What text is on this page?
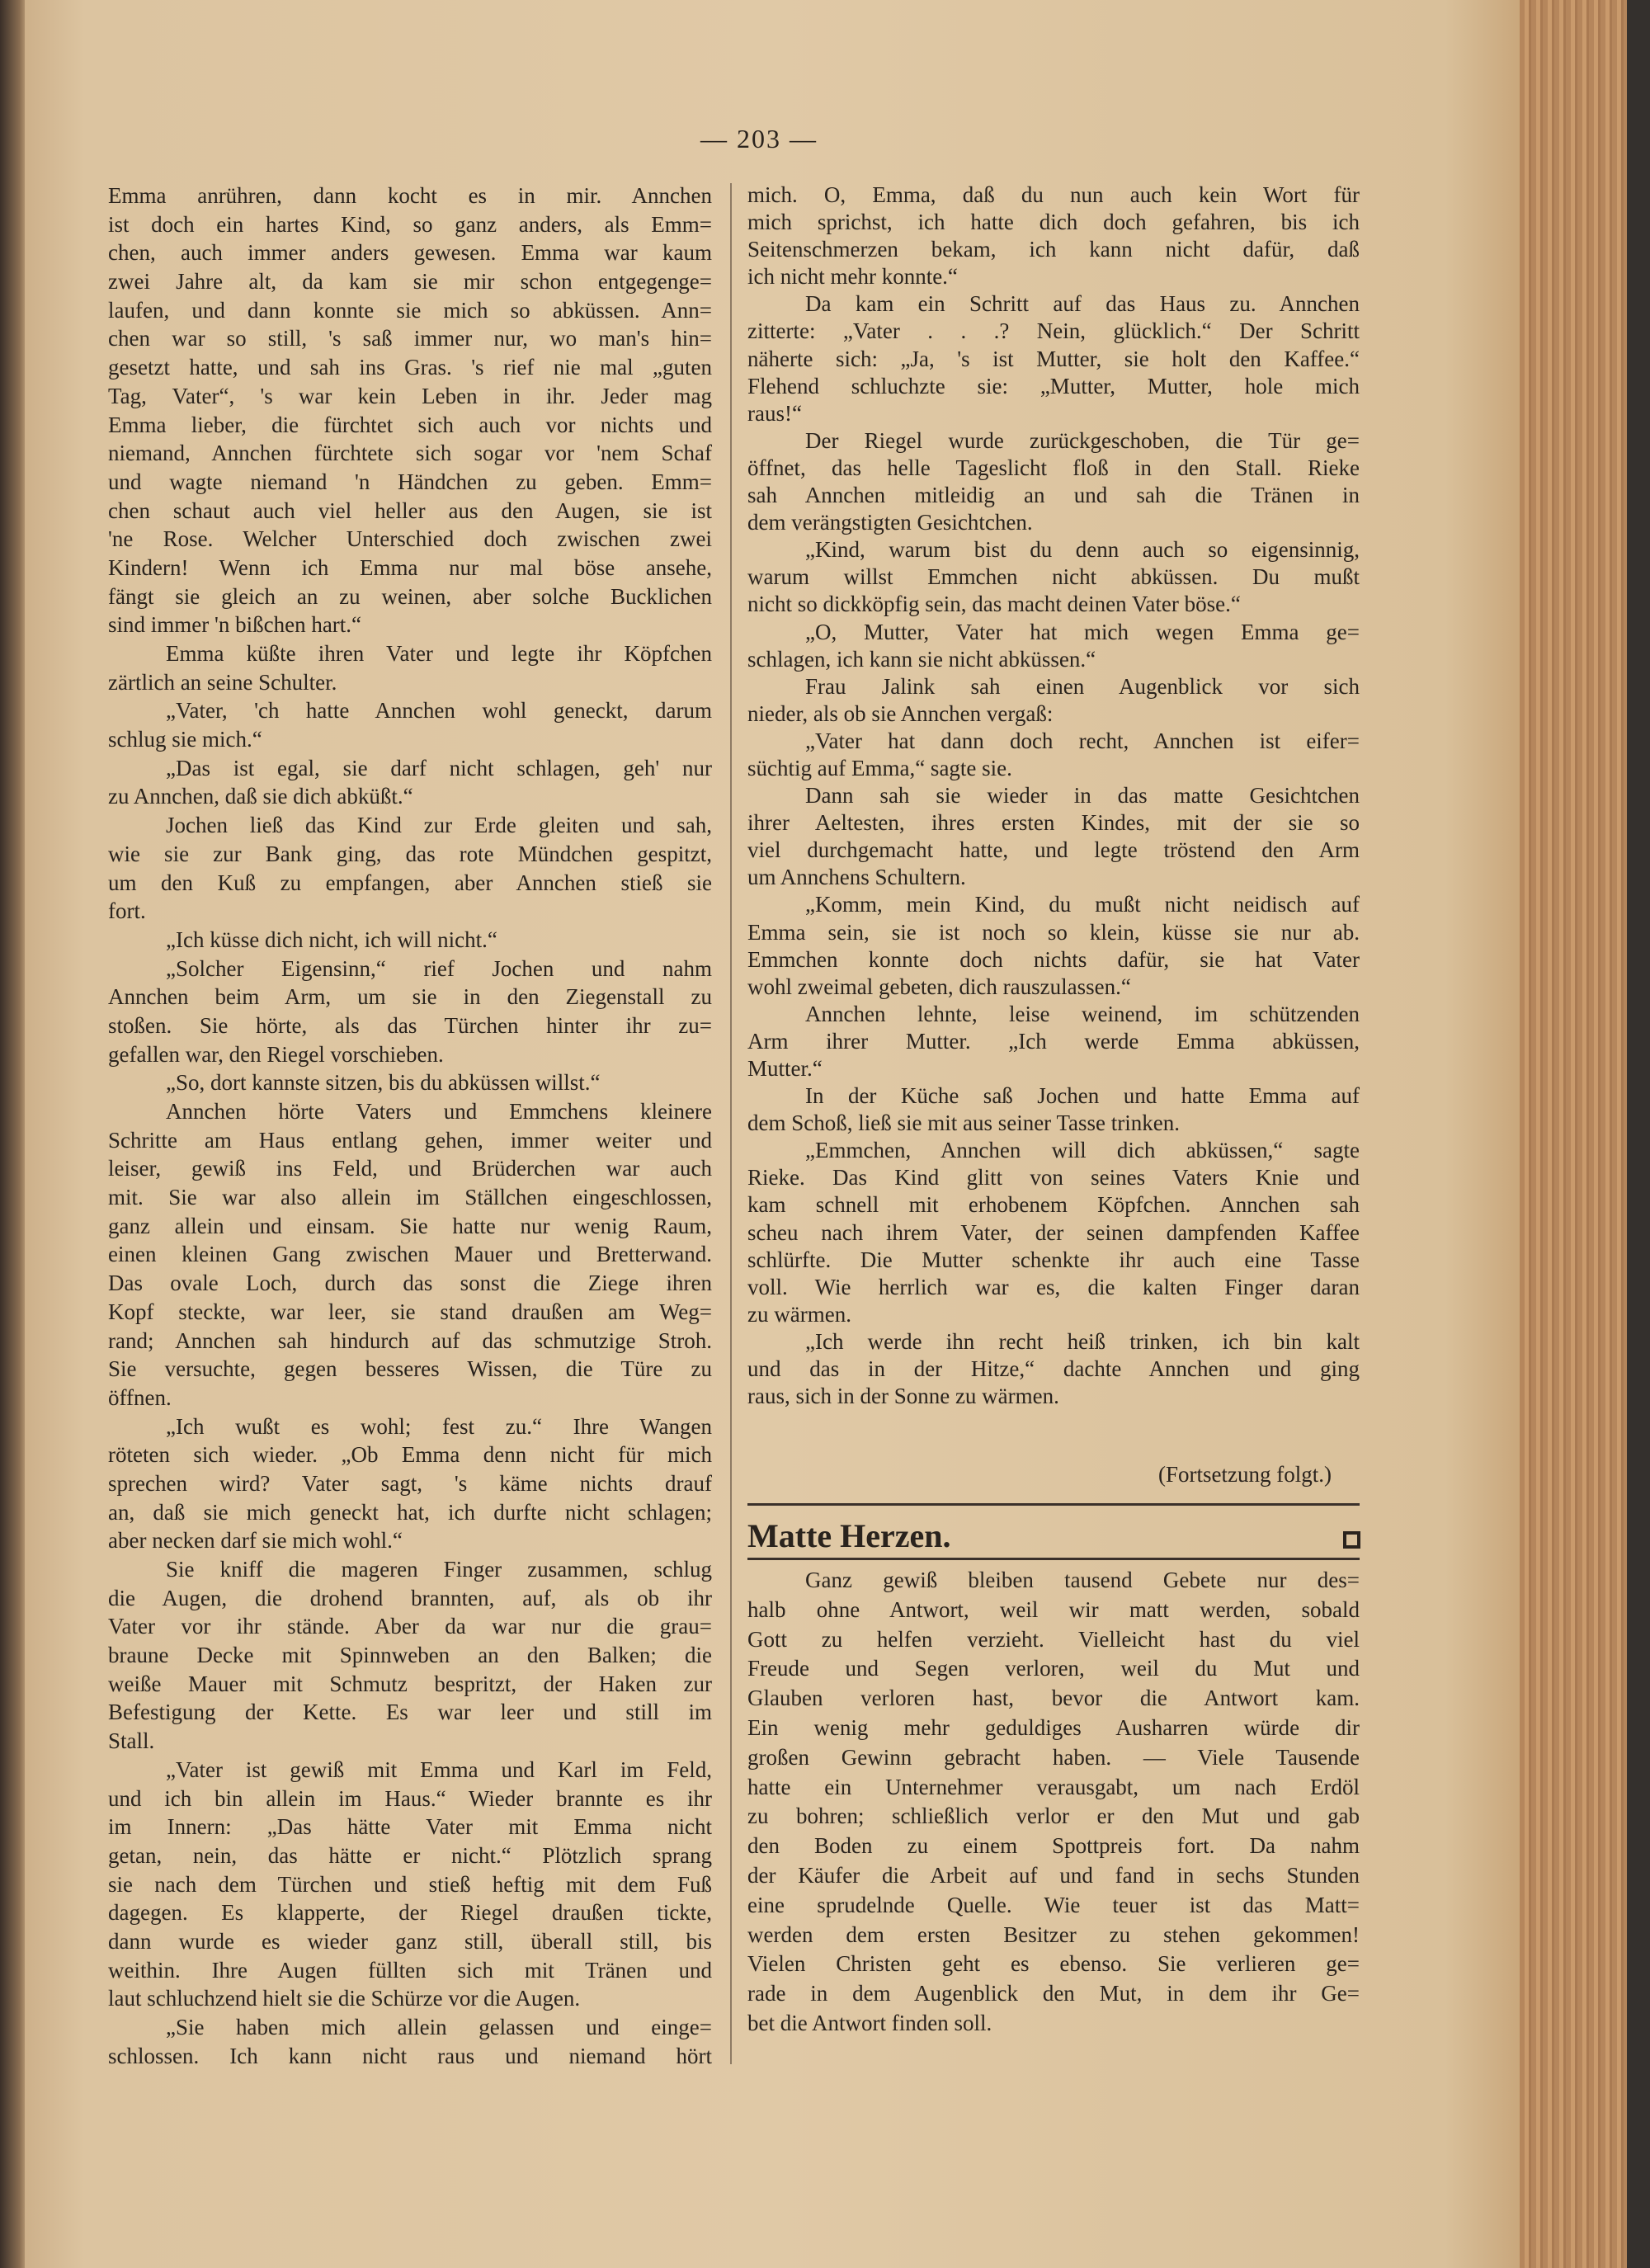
— 203 —
Emma anrühren, dann kocht es in mir. Annchen
ist doch ein hartes Kind, so ganz anders, als Emm=
chen, auch immer anders gewesen. Emma war kaum
zwei Jahre alt, da kam sie mir schon entgegenge=
laufen, und dann konnte sie mich so abküssen. Ann=
chen war so still, 's saß immer nur, wo man's hin=
gesetzt hatte, und sah ins Gras. 's rief nie mal „guten
Tag, Vater“, 's war kein Leben in ihr. Jeder mag
Emma lieber, die fürchtet sich auch vor nichts und
niemand, Annchen fürchtete sich sogar vor 'nem Schaf
und wagte niemand 'n Händchen zu geben. Emm=
chen schaut auch viel heller aus den Augen, sie ist
'ne Rose. Welcher Unterschied doch zwischen zwei
Kindern! Wenn ich Emma nur mal böse ansehe,
fängt sie gleich an zu weinen, aber solche Bucklichen
sind immer 'n bißchen hart.“
Emma küßte ihren Vater und legte ihr Köpfchen
zärtlich an seine Schulter.
„Vater, 'ch hatte Annchen wohl geneckt, darum
schlug sie mich.“
„Das ist egal, sie darf nicht schlagen, geh' nur
zu Annchen, daß sie dich abküßt.“
Jochen ließ das Kind zur Erde gleiten und sah,
wie sie zur Bank ging, das rote Mündchen gespitzt,
um den Kuß zu empfangen, aber Annchen stieß sie
fort.
„Ich küsse dich nicht, ich will nicht.“
„Solcher Eigensinn,“ rief Jochen und nahm
Annchen beim Arm, um sie in den Ziegenstall zu
stoßen. Sie hörte, als das Türchen hinter ihr zu=
gefallen war, den Riegel vorschieben.
„So, dort kannste sitzen, bis du abküssen willst.“
Annchen hörte Vaters und Emmchens kleinere
Schritte am Haus entlang gehen, immer weiter und
leiser, gewiß ins Feld, und Brüderchen war auch
mit. Sie war also allein im Ställchen eingeschlossen,
ganz allein und einsam. Sie hatte nur wenig Raum,
einen kleinen Gang zwischen Mauer und Bretterwand.
Das ovale Loch, durch das sonst die Ziege ihren
Kopf steckte, war leer, sie stand draußen am Weg=
rand; Annchen sah hindurch auf das schmutzige Stroh.
Sie versuchte, gegen besseres Wissen, die Türe zu
öffnen.
„Ich wußt es wohl; fest zu.“ Ihre Wangen
röteten sich wieder. „Ob Emma denn nicht für mich
sprechen wird? Vater sagt, 's käme nichts drauf
an, daß sie mich geneckt hat, ich durfte nicht schlagen;
aber necken darf sie mich wohl.“
Sie kniff die mageren Finger zusammen, schlug
die Augen, die drohend brannten, auf, als ob ihr
Vater vor ihr stände. Aber da war nur die grau=
braune Decke mit Spinnweben an den Balken; die
weiße Mauer mit Schmutz bespritzt, der Haken zur
Befestigung der Kette. Es war leer und still im
Stall.
„Vater ist gewiß mit Emma und Karl im Feld,
und ich bin allein im Haus.“ Wieder brannte es ihr
im Innern: „Das hätte Vater mit Emma nicht
getan, nein, das hätte er nicht.“ Plötzlich sprang
sie nach dem Türchen und stieß heftig mit dem Fuß
dagegen. Es klapperte, der Riegel draußen tickte,
dann wurde es wieder ganz still, überall still, bis
weithin. Ihre Augen füllten sich mit Tränen und
laut schluchzend hielt sie die Schürze vor die Augen.
„Sie haben mich allein gelassen und einge=
schlossen. Ich kann nicht raus und niemand hört
mich. O, Emma, daß du nun auch kein Wort für
mich sprichst, ich hatte dich doch gefahren, bis ich
Seitenschmerzen bekam, ich kann nicht dafür, daß
ich nicht mehr konnte.“
Da kam ein Schritt auf das Haus zu. Annchen
zitterte: „Vater . . .? Nein, glücklich.“ Der Schritt
näherte sich: „Ja, 's ist Mutter, sie holt den Kaffee.“
Flehend schluchzte sie: „Mutter, Mutter, hole mich
raus!“
Der Riegel wurde zurückgeschoben, die Tür ge=
öffnet, das helle Tageslicht floß in den Stall. Rieke
sah Annchen mitleidig an und sah die Tränen in
dem verängstigten Gesichtchen.
„Kind, warum bist du denn auch so eigensinnig,
warum willst Emmchen nicht abküssen. Du mußt
nicht so dickköpfig sein, das macht deinen Vater böse.“
„O, Mutter, Vater hat mich wegen Emma ge=
schlagen, ich kann sie nicht abküssen.“
Frau Jalink sah einen Augenblick vor sich
nieder, als ob sie Annchen vergaß:
„Vater hat dann doch recht, Annchen ist eifer=
süchtig auf Emma,“ sagte sie.
Dann sah sie wieder in das matte Gesichtchen
ihrer Aeltesten, ihres ersten Kindes, mit der sie so
viel durchgemacht hatte, und legte tröstend den Arm
um Annchens Schultern.
„Komm, mein Kind, du mußt nicht neidisch auf
Emma sein, sie ist noch so klein, küsse sie nur ab.
Emmchen konnte doch nichts dafür, sie hat Vater
wohl zweimal gebeten, dich rauszulassen.“
Annchen lehnte, leise weinend, im schützenden
Arm ihrer Mutter. „Ich werde Emma abküssen,
Mutter.“
In der Küche saß Jochen und hatte Emma auf
dem Schoß, ließ sie mit aus seiner Tasse trinken.
„Emmchen, Annchen will dich abküssen,“ sagte
Rieke. Das Kind glitt von seines Vaters Knie und
kam schnell mit erhobenem Köpfchen. Annchen sah
scheu nach ihrem Vater, der seinen dampfenden Kaffee
schlürfte. Die Mutter schenkte ihr auch eine Tasse
voll. Wie herrlich war es, die kalten Finger daran
zu wärmen.
„Ich werde ihn recht heiß trinken, ich bin kalt
und das in der Hitze,“ dachte Annchen und ging
raus, sich in der Sonne zu wärmen.
(Fortsetzung folgt.)
Matte Herzen.
Ganz gewiß bleiben tausend Gebete nur des=
halb ohne Antwort, weil wir matt werden, sobald
Gott zu helfen verzieht. Vielleicht hast du viel
Freude und Segen verloren, weil du Mut und
Glauben verloren hast, bevor die Antwort kam.
Ein wenig mehr geduldiges Ausharren würde dir
großen Gewinn gebracht haben. — Viele Tausende
hatte ein Unternehmer verausgabt, um nach Erdöl
zu bohren; schließlich verlor er den Mut und gab
den Boden zu einem Spottpreis fort. Da nahm
der Käufer die Arbeit auf und fand in sechs Stunden
eine sprudelnde Quelle. Wie teuer ist das Matt=
werden dem ersten Besitzer zu stehen gekommen!
Vielen Christen geht es ebenso. Sie verlieren ge=
rade in dem Augenblick den Mut, in dem ihr Ge=
bet die Antwort finden soll.
